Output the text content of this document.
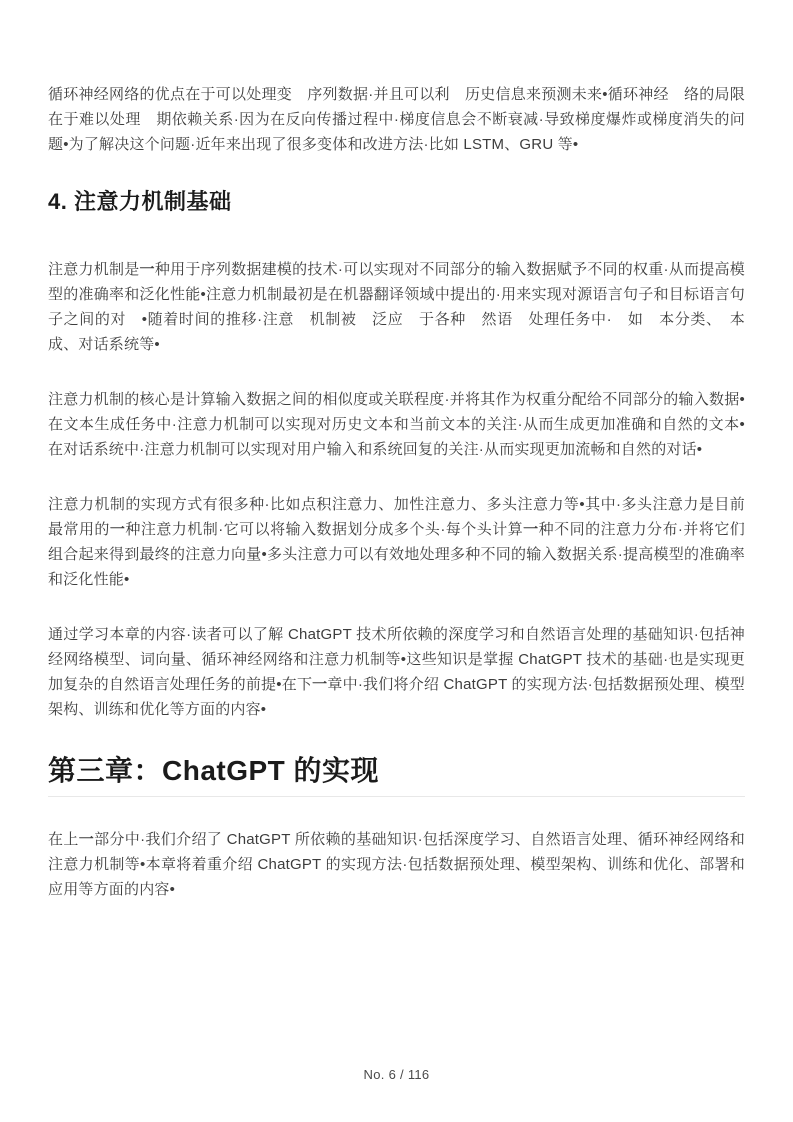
循环神经网络的优点在于可以处理变　序列数据·并且可以利　历史信息来预测未来•循环神经　络的局限在于难以处理　期依赖关系·因为在反向传播过程中·梯度信息会不断衰减·导致梯度爆炸或梯度消失的问题•为了解决这个问题·近年来出现了很多变体和改进方法·比如 LSTM、GRU 等•

4. 注意力机制基础

注意力机制是一种用于序列数据建模的技术·可以实现对不同部分的输入数据赋予不同的权重·从而提高模型的准确率和泛化性能•注意力机制最初是在机器翻译领域中提出的·用来实现对源语言句子和目标语言句子之间的对　•随着时间的推移·注意　机制被　泛应　于各种　然语　处理任务中·　如　本分类、　本　成、对话系统等•

注意力机制的核心是计算输入数据之间的相似度或关联程度·并将其作为权重分配给不同部分的输入数据•在文本生成任务中·注意力机制可以实现对历史文本和当前文本的关注·从而生成更加准确和自然的文本•在对话系统中·注意力机制可以实现对用户输入和系统回复的关注·从而实现更加流畅和自然的对话•

注意力机制的实现方式有很多种·比如点积注意力、加性注意力、多头注意力等•其中·多头注意力是目前最常用的一种注意力机制·它可以将输入数据划分成多个头·每个头计算一种不同的注意力分布·并将它们组合起来得到最终的注意力向量•多头注意力可以有效地处理多种不同的输入数据关系·提高模型的准确率和泛化性能•

通过学习本章的内容·读者可以了解 ChatGPT 技术所依赖的深度学习和自然语言处理的基础知识·包括神经网络模型、词向量、循环神经网络和注意力机制等•这些知识是掌握 ChatGPT 技术的基础·也是实现更加复杂的自然语言处理任务的前提•在下一章中·我们将介绍 ChatGPT 的实现方法·包括数据预处理、模型架构、训练和优化等方面的内容•

第三章：ChatGPT 的实现

在上一部分中·我们介绍了 ChatGPT 所依赖的基础知识·包括深度学习、自然语言处理、循环神经网络和注意力机制等•本章将着重介绍 ChatGPT 的实现方法·包括数据预处理、模型架构、训练和优化、部署和应用等方面的内容•

No. 6 / 116
